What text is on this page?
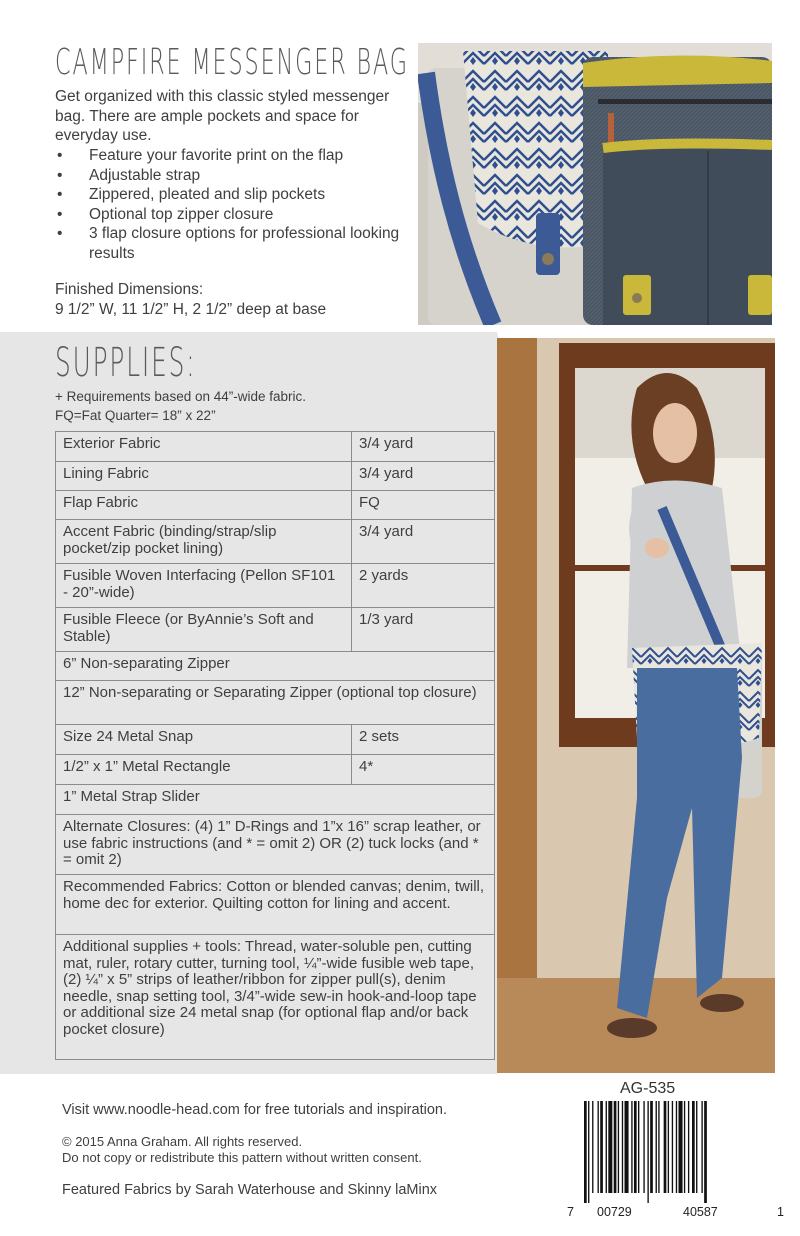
CAMPFIRE MESSENGER BAG
Get organized with this classic styled messenger bag. There are ample pockets and space for everyday use.
• Feature your favorite print on the flap
• Adjustable strap
• Zippered, pleated and slip pockets
• Optional top zipper closure
• 3 flap closure options for professional looking results
Finished Dimensions:
9 1/2” W, 11 1/2” H, 2 1/2” deep at base
SUPPLIES:
+ Requirements based on 44”-wide fabric.
FQ=Fat Quarter= 18” x 22”
Exterior Fabric	3/4 yard
Lining Fabric	3/4 yard
Flap Fabric	FQ
Accent Fabric (binding/strap/slip pocket/zip pocket lining)	3/4 yard
Fusible Woven Interfacing (Pellon SF101 - 20”-wide)	2 yards
Fusible Fleece (or ByAnnie’s Soft and Stable)	1/3 yard
6” Non-separating Zipper	
12” Non-separating or Separating Zipper (optional top closure)	
Size 24 Metal Snap	2 sets
1/2” x 1” Metal Rectangle	4*
1” Metal Strap Slider	
Alternate Closures: (4) 1” D-Rings and 1”x 16” scrap leather, or use fabric instructions (and * = omit 2) OR (2) tuck locks (and * = omit 2)	
Recommended Fabrics: Cotton or blended canvas; denim, twill, home dec for exterior. Quilting cotton for lining and accent.	
Additional supplies + tools: Thread, water-soluble pen, cutting mat, ruler, rotary cutter, turning tool, ¼”-wide fusible web tape, (2) ¼” x 5” strips of leather/ribbon for zipper pull(s), denim needle, snap setting tool, 3/4”-wide sew-in hook-and-loop tape or additional size 24 metal snap (for optional flap and/or back pocket closure)	
Visit www.noodle-head.com for free tutorials and inspiration.
© 2015 Anna Graham. All rights reserved.
Do not copy or redistribute this pattern without written consent.
Featured Fabrics by Sarah Waterhouse and Skinny laMinx
AG-535
7 00729	40587	1
